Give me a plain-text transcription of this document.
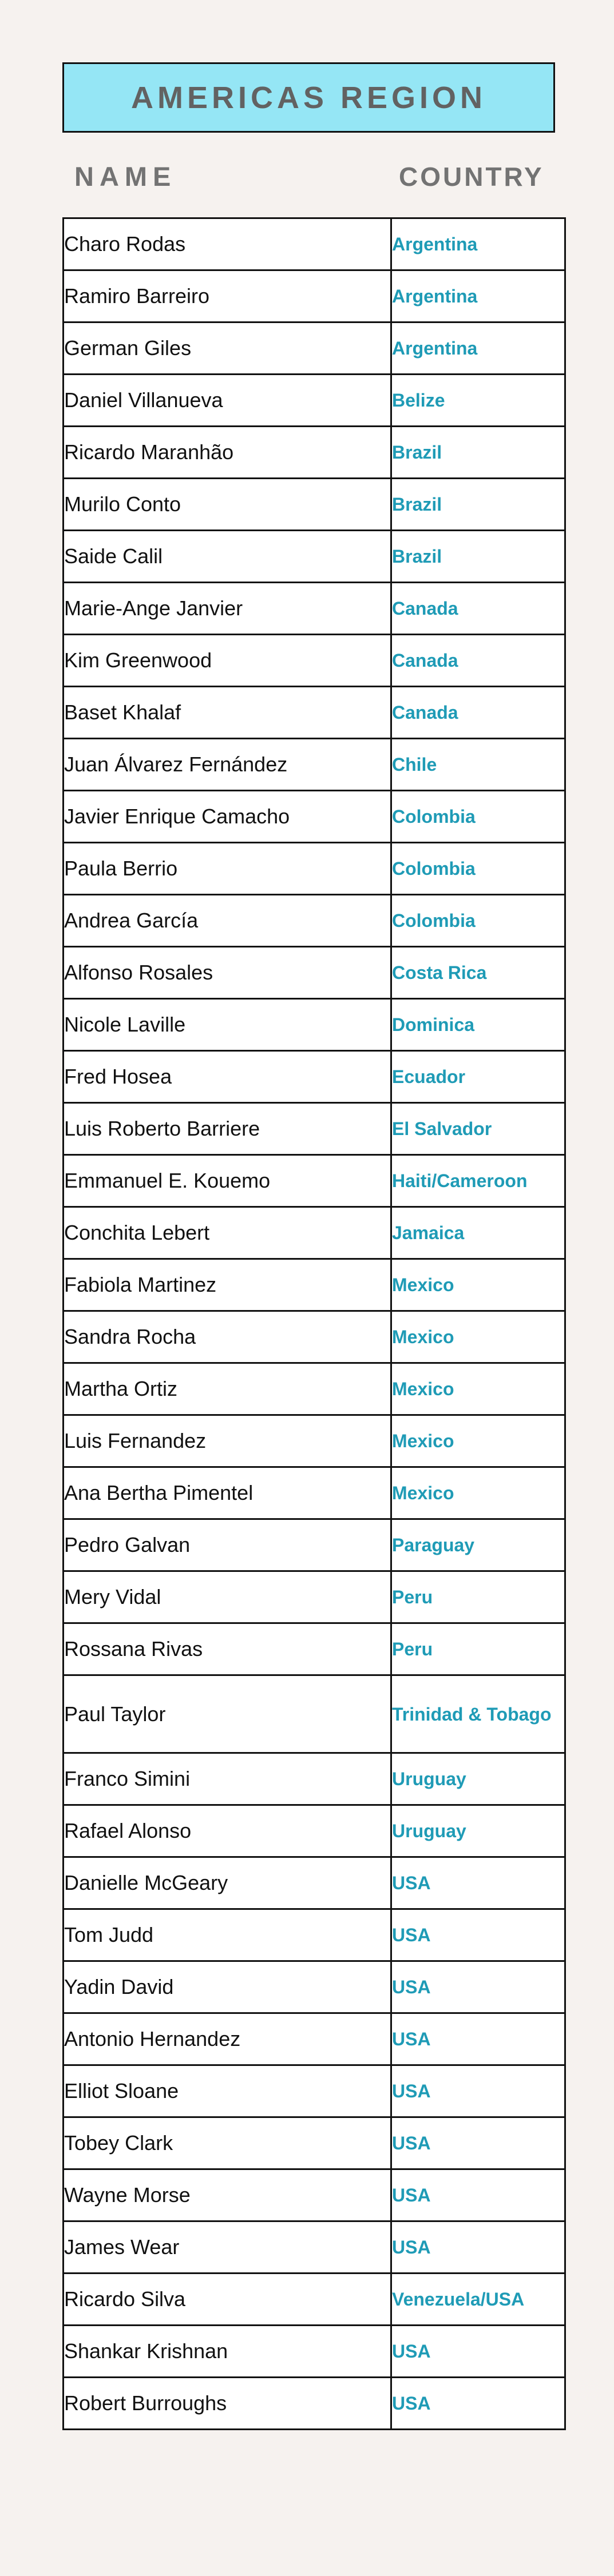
AMERICAS REGION
NAME	COUNTRY
Charo Rodas	Argentina
Ramiro Barreiro	Argentina
German Giles	Argentina
Daniel Villanueva	Belize
Ricardo Maranhão	Brazil
Murilo Conto	Brazil
Saide Calil	Brazil
Marie-Ange Janvier	Canada
Kim Greenwood	Canada
Baset Khalaf	Canada
Juan Álvarez Fernández	Chile
Javier Enrique Camacho	Colombia
Paula Berrio	Colombia
Andrea García	Colombia
Alfonso Rosales	Costa Rica
Nicole Laville	Dominica
Fred Hosea	Ecuador
Luis Roberto Barriere	El Salvador
Emmanuel E. Kouemo	Haiti/Cameroon
Conchita Lebert	Jamaica
Fabiola Martinez	Mexico
Sandra Rocha	Mexico
Martha Ortiz	Mexico
Luis Fernandez	Mexico
Ana Bertha Pimentel	Mexico
Pedro Galvan	Paraguay
Mery Vidal	Peru
Rossana Rivas	Peru
Paul Taylor	Trinidad & Tobago
Franco Simini	Uruguay
Rafael Alonso	Uruguay
Danielle McGeary	USA
Tom Judd	USA
Yadin David	USA
Antonio Hernandez	USA
Elliot Sloane	USA
Tobey Clark	USA
Wayne Morse	USA
James Wear	USA
Ricardo Silva	Venezuela/USA
Shankar Krishnan	USA
Robert Burroughs	USA
